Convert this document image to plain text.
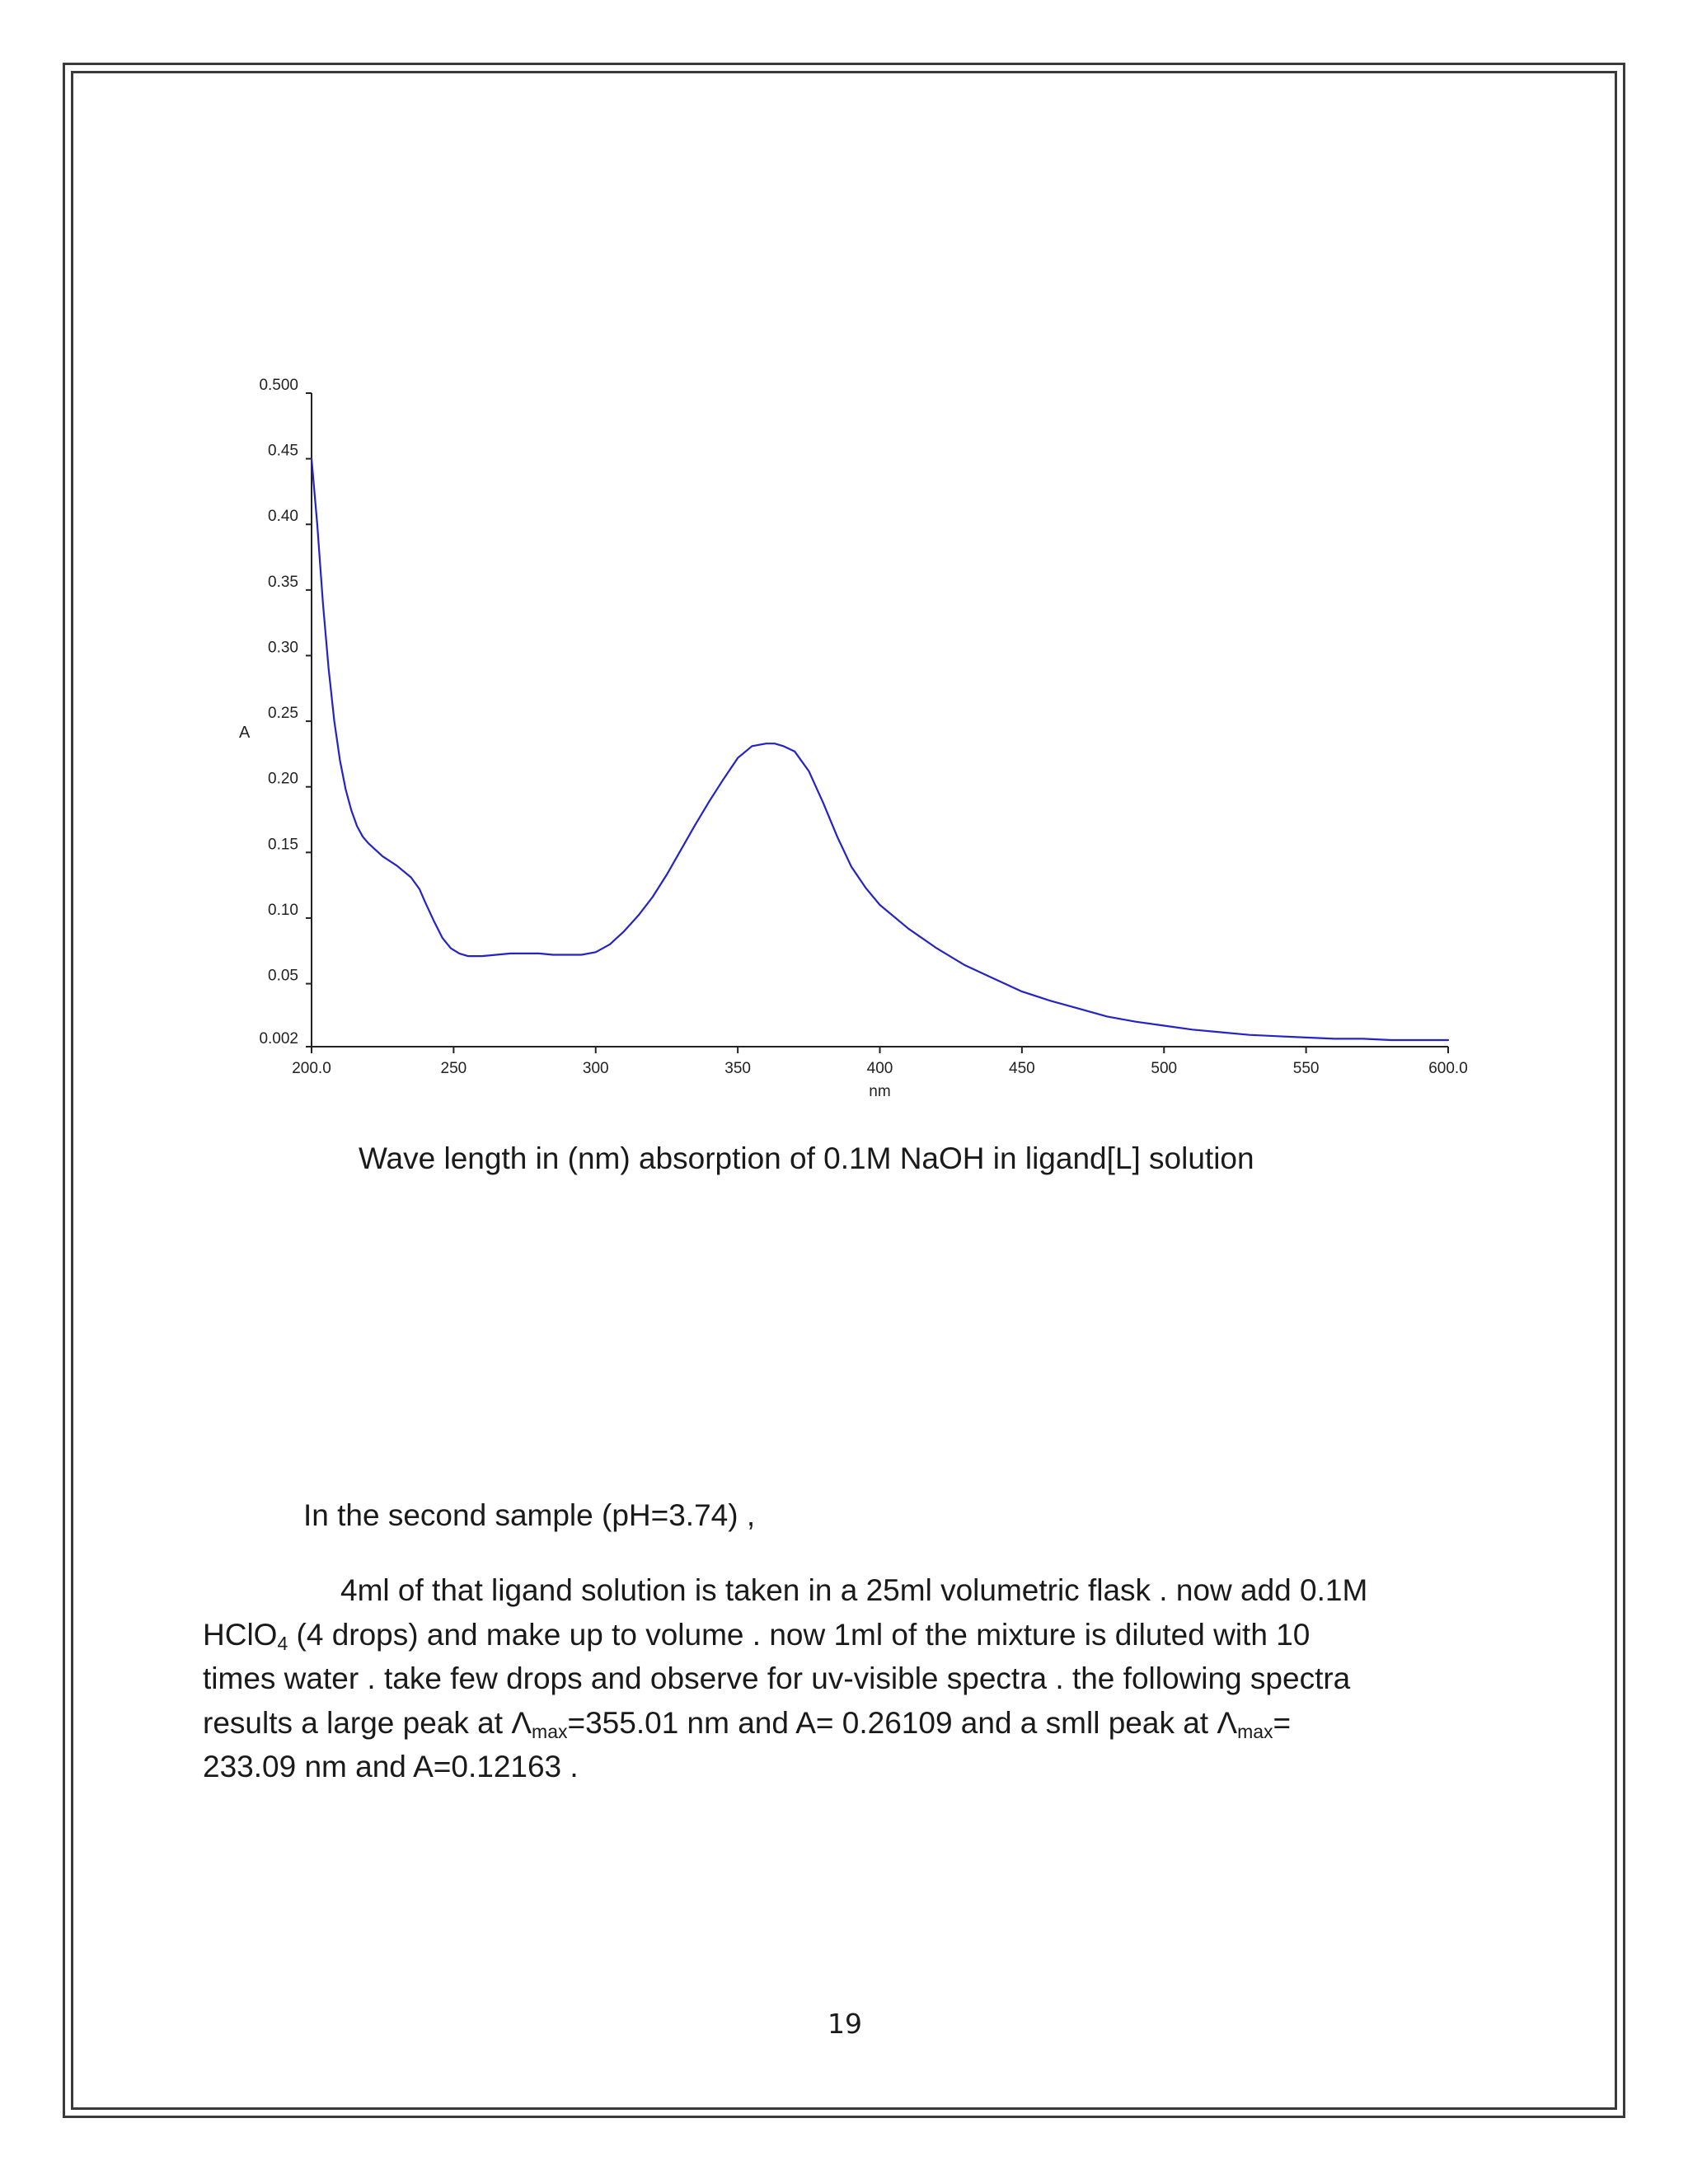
0.002
0.05
0.10
0.15
0.20
0.25
0.30
0.35
0.40
0.45
0.500
200.0	250	300	350	400	450	500	550	600.0
A
nm
Wave length in (nm) absorption of 0.1M NaOH in ligand[L] solution
In the second sample (pH=3.74) ,
4ml of that ligand solution is taken in a 25ml volumetric flask . now add 0.1M
HClO$_4$ (4 drops) and make up to volume . now 1ml of the mixture is diluted with 10
times water . take few drops and observe for uv-visible spectra . the following spectra
results a large peak at $\Lambda_{max}=355.01$ nm and A= 0.26109 and a smll peak at $\Lambda_{max}=$
233.09 nm and A=0.12163 .
19
